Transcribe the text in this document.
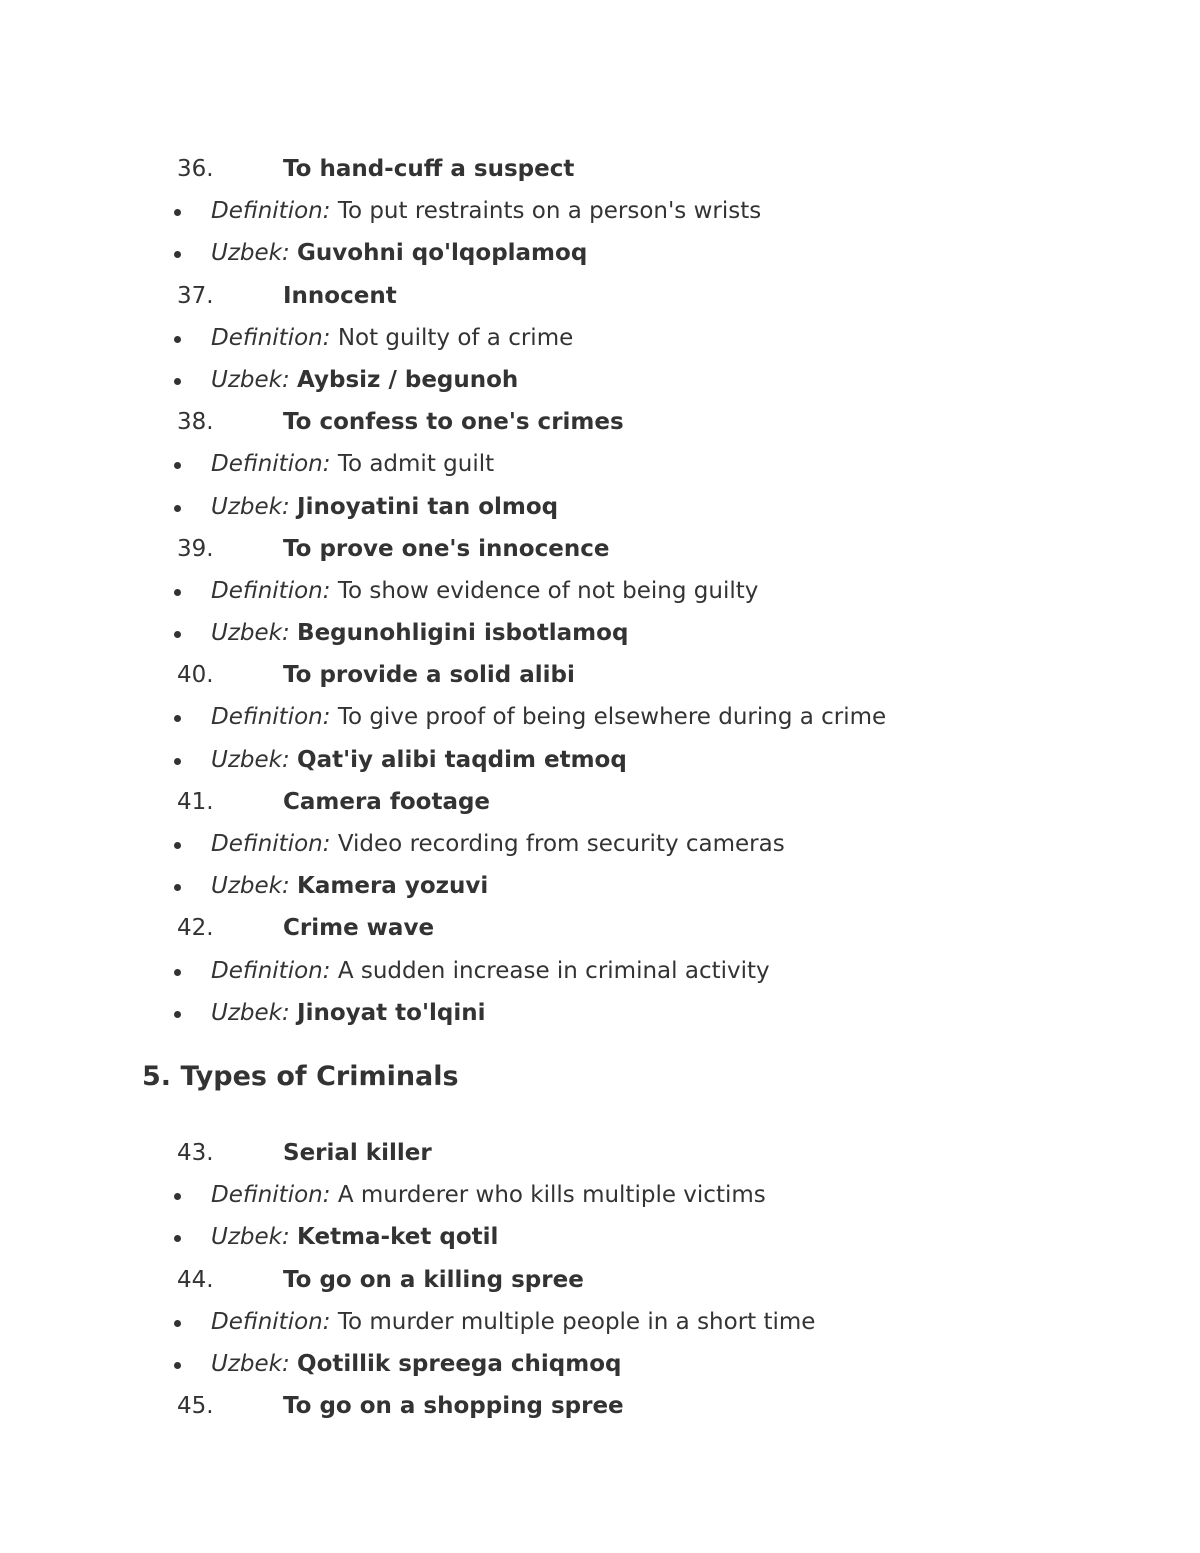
36.	To hand-cuff a suspect
Definition: To put restraints on a person's wrists
Uzbek: Guvohni qo'lqoplamoq
37.	Innocent
Definition: Not guilty of a crime
Uzbek: Aybsiz / begunoh
38.	To confess to one's crimes
Definition: To admit guilt
Uzbek: Jinoyatini tan olmoq
39.	To prove one's innocence
Definition: To show evidence of not being guilty
Uzbek: Begunohligini isbotlamoq
40.	To provide a solid alibi
Definition: To give proof of being elsewhere during a crime
Uzbek: Qat'iy alibi taqdim etmoq
41.	Camera footage
Definition: Video recording from security cameras
Uzbek: Kamera yozuvi
42.	Crime wave
Definition: A sudden increase in criminal activity
Uzbek: Jinoyat to'lqini
5. Types of Criminals
43.	Serial killer
Definition: A murderer who kills multiple victims
Uzbek: Ketma-ket qotil
44.	To go on a killing spree
Definition: To murder multiple people in a short time
Uzbek: Qotillik spreega chiqmoq
45.	To go on a shopping spree
